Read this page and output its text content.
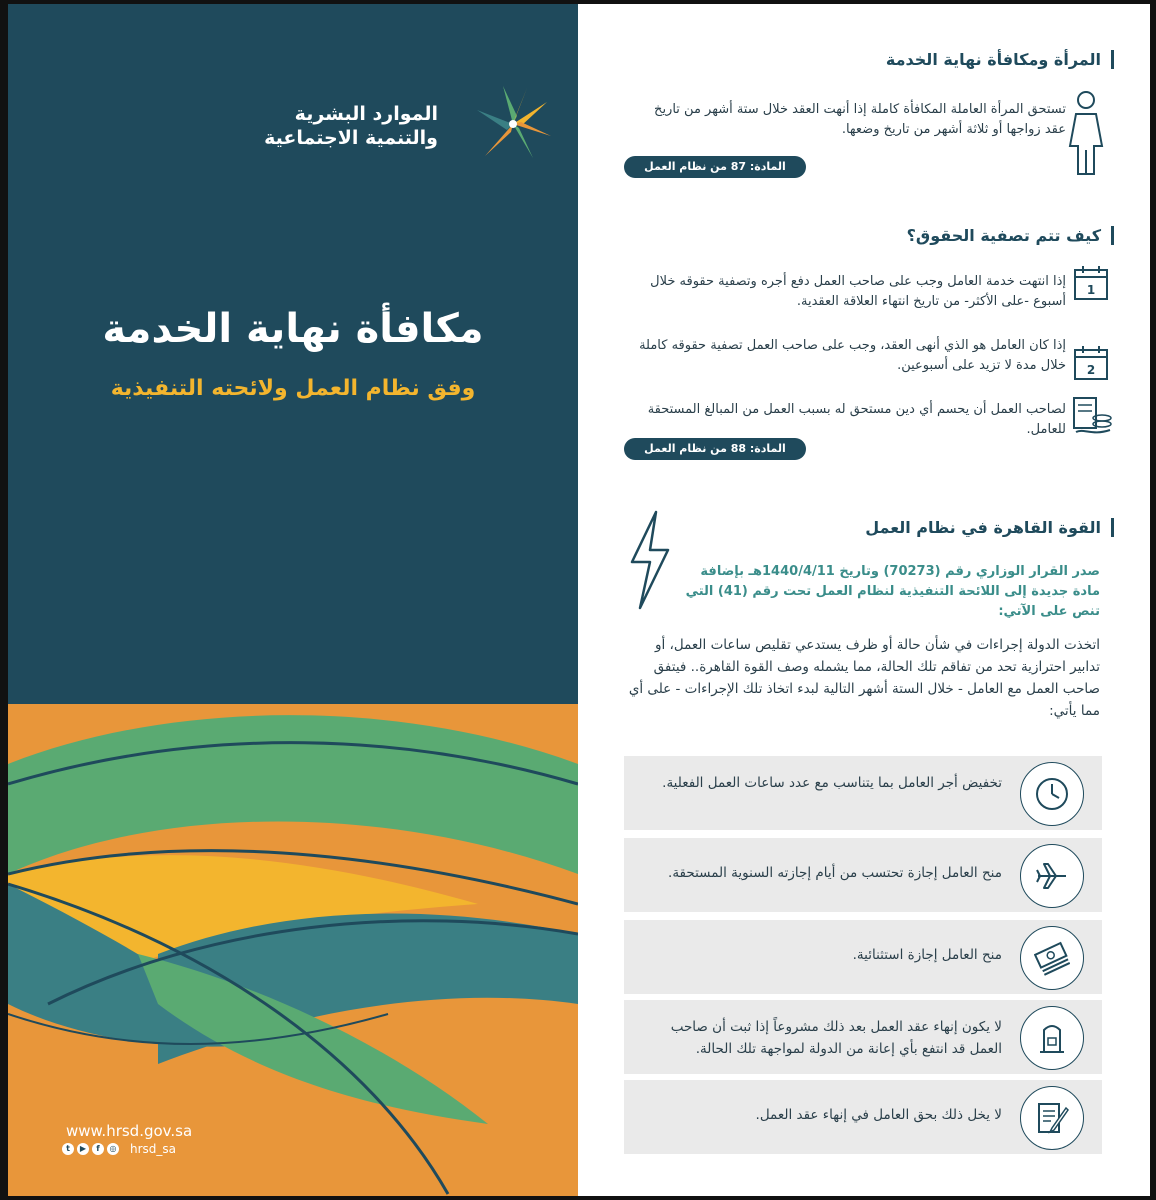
الموارد البشرية
والتنمية الاجتماعية
مكافأة نهاية الخدمة
وفق نظام العمل ولائحته التنفيذية
www.hrsd.gov.sa
t	▶	f	◎ hrsd_sa
المرأة ومكافأة نهاية الخدمة
تستحق المرأة العاملة المكافأة كاملة إذا أنهت العقد خلال ستة أشهر من تاريخ عقد زواجها أو ثلاثة أشهر من تاريخ وضعها.
المادة: 87 من نظام العمل
كيف تتم تصفية الحقوق؟
1
إذا انتهت خدمة العامل وجب على صاحب العمل دفع أجره وتصفية حقوقه خلال أسبوع -على الأكثر- من تاريخ انتهاء العلاقة العقدية.
2
إذا كان العامل هو الذي أنهى العقد، وجب على صاحب العمل تصفية حقوقه كاملة خلال مدة لا تزيد على أسبوعين.
لصاحب العمل أن يحسم أي دين مستحق له بسبب العمل من المبالغ المستحقة للعامل.
المادة: 88 من نظام العمل
القوة القاهرة في نظام العمل
صدر القرار الوزاري رقم (70273) وتاريخ 1440/4/11هـ بإضافة مادة جديدة إلى اللائحة التنفيذية لنظام العمل تحت رقم (41) التي تنص على الآتي:
اتخذت الدولة إجراءات في شأن حالة أو ظرف يستدعي تقليص ساعات العمل، أو تدابير احترازية تحد من تفاقم تلك الحالة، مما يشمله وصف القوة القاهرة.. فيتفق صاحب العمل مع العامل - خلال الستة أشهر التالية لبدء اتخاذ تلك الإجراءات - على أي مما يأتي:
تخفيض أجر العامل بما يتناسب مع عدد ساعات العمل الفعلية.
منح العامل إجازة تحتسب من أيام إجازته السنوية المستحقة.
منح العامل إجازة استثنائية.
لا يكون إنهاء عقد العمل بعد ذلك مشروعاً إذا ثبت أن صاحب العمل قد انتفع بأي إعانة من الدولة لمواجهة تلك الحالة.
لا يخل ذلك بحق العامل في إنهاء عقد العمل.
